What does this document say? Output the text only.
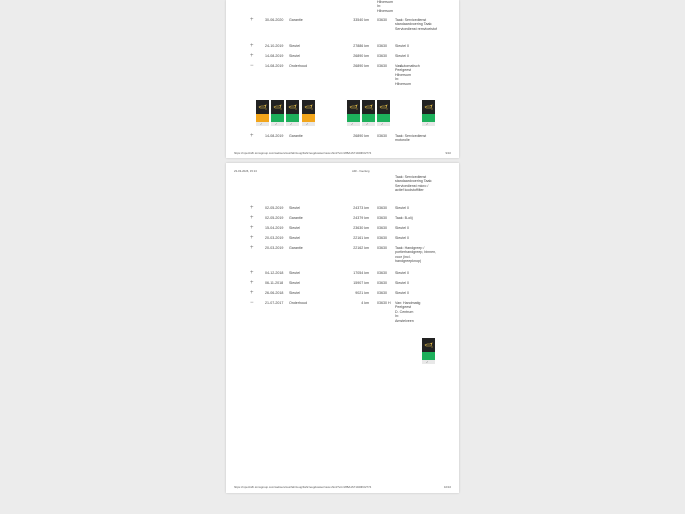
Hilversum
In:
Hilversum
+	30-06-2020 Garantie	33540 km 03630 Taak: Servicedienst standaardvoering Taak: Servicedienst remvloeistof
+	24-10-2019 Sleutel	27886 km 03630 Sleutel 0
+	14-08-2019 Sleutel	26890 km 03630 Sleutel 0
−	14-08-2019 Onderhoud	26890 km 03630 Van:
Peelgeest
Hilversum
In:
Hilversum
Automatisch
✓	✓	✓	✓	✓	✓	✓	✓
+	14-08-2019 Garantie	26890 km 03630 Taak: Servicedienst motorolie
https://mpel-b2b.tomsgroup.com/webservices/fahrzeug/Fahrzeugdossier/view.xhtml?vin=WBA1S71020K02774	9/10
23-03-2026, 15:13	AIR - Voertuig
Taak: Servicedienst standaardvoering Taak: Servicedienst micro / actief koolstoffilter
+	02-05-2019 Sleutel	24373 km 03630 Sleutel 0
+	02-05-2019 Garantie	24379 km 03630 Taak: B-olij
+	15-04-2019 Sleutel	23630 km 03630 Sleutel 0
+	20-03-2019 Sleutel	22161 km 03630 Sleutel 0
+	20-03-2019 Garantie	22162 km 03630 Taak: Handgreep / portierhandgreep, binnen, voor (incl. handgreepknop)
+	04-12-2018 Sleutel	17054 km 03630 Sleutel 0
+	06-11-2018 Sleutel	15907 km 03630 Sleutel 0
+	26-06-2018 Sleutel	9021 km 03630 Sleutel 0
−	21-07-2017 Onderhoud	4 km 03630 H Van:
Peelgeest
D. Centrum
In:
Amstelveen
Handmatig
✓
https://mpel-b2b.tomsgroup.com/webservices/fahrzeug/Fahrzeugdossier/view.xhtml?vin=WBA1S71020K02774	10/10
